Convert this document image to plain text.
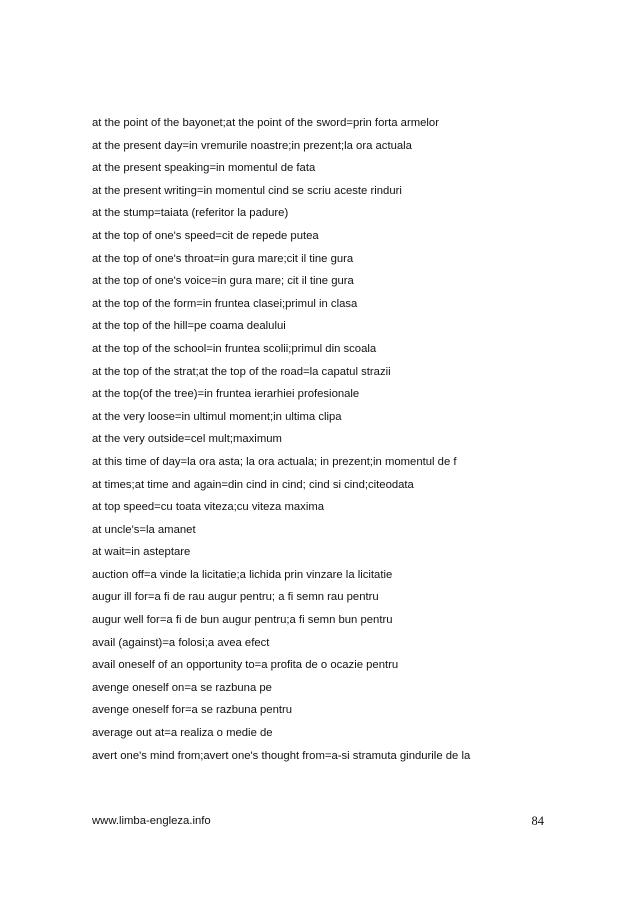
at the point of the bayonet;at the point of the sword=prin forta armelor
at the present day=in vremurile noastre;in prezent;la ora actuala
at the present speaking=in momentul de fata
at the present writing=in momentul cind se scriu aceste rinduri
at the stump=taiata (referitor la padure)
at the top of one's speed=cit de repede putea
at the top of one's throat=in gura mare;cit il tine gura
at the top of one's voice=in gura mare; cit il tine gura
at the top of the form=in fruntea clasei;primul in clasa
at the top of the hill=pe coama dealului
at the top of the school=in fruntea scolii;primul din scoala
at the top of the strat;at the top of the road=la capatul strazii
at the top(of the tree)=in fruntea ierarhiei profesionale
at the very loose=in ultimul moment;in ultima clipa
at the very outside=cel mult;maximum
at this time of day=la ora asta; la ora actuala; in prezent;in momentul de f
at times;at time and again=din cind in cind; cind si cind;citeodata
at top speed=cu toata viteza;cu viteza maxima
at uncle's=la amanet
at wait=in asteptare
auction off=a vinde la licitatie;a lichida prin vinzare la licitatie
augur ill for=a fi de rau augur pentru; a fi semn rau pentru
augur well for=a fi de bun augur pentru;a fi semn bun pentru
avail (against)=a folosi;a avea efect
avail oneself of an opportunity to=a profita de o ocazie pentru
avenge oneself on=a se razbuna pe
avenge oneself for=a se razbuna pentru
average out at=a realiza o medie de
avert one's mind from;avert one's thought from=a-si stramuta gindurile de la
www.limba-engleza.info	84
